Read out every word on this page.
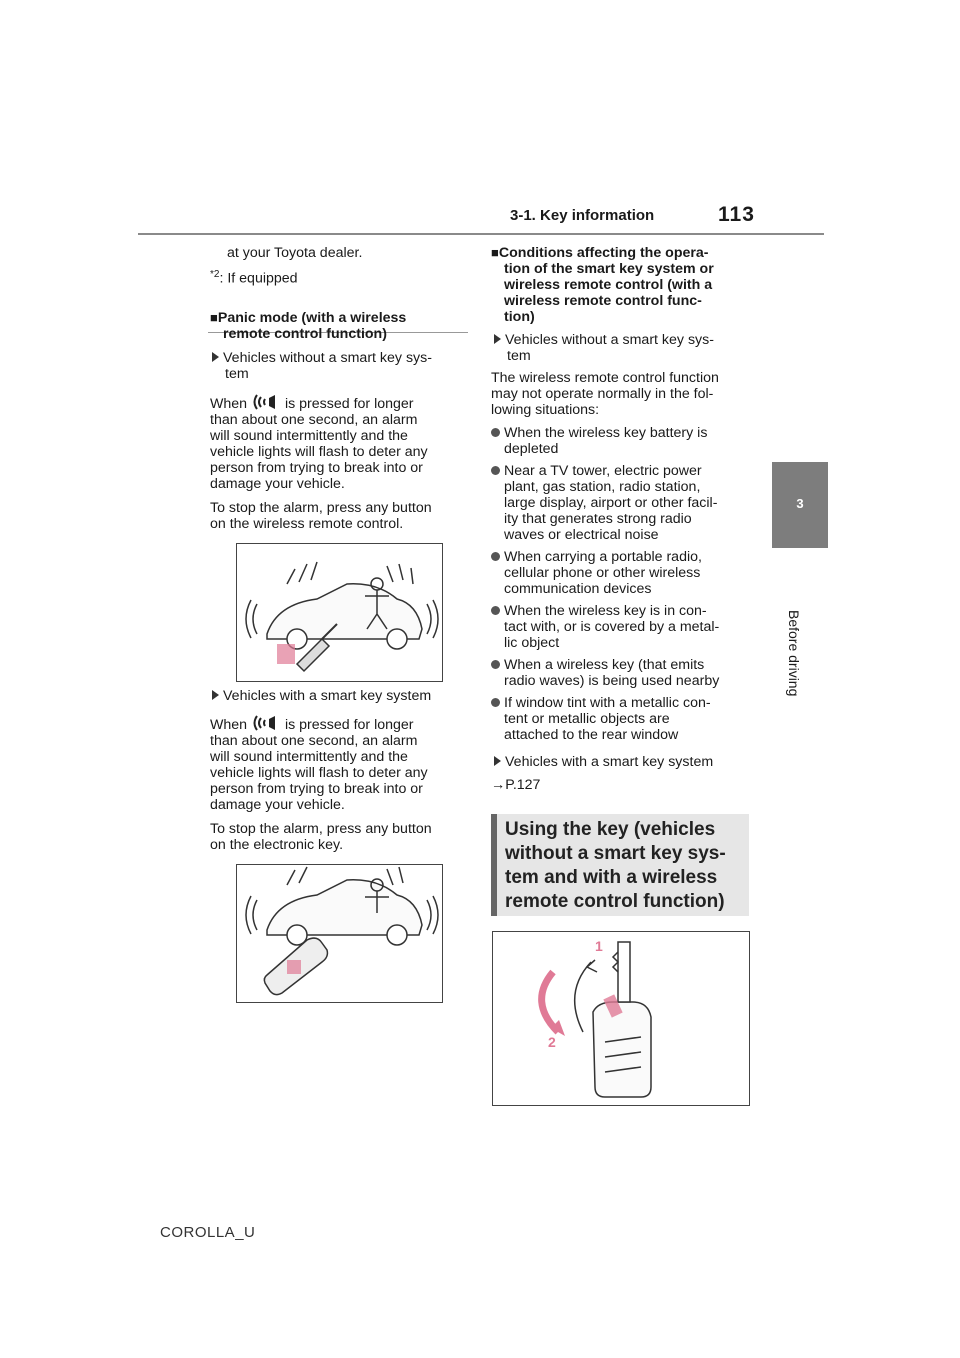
3-1. Key information	113
3
Before driving
at your Toyota dealer.
$^{*2}$: If equipped

■Panic mode (with a wireless

remote control function)

Vehicles without a smart key sys-

tem

When	is pressed for longer

than about one second, an alarm

will sound intermittently and the

vehicle lights will flash to deter any

person from trying to break into or

damage your vehicle.

To stop the alarm, press any button

on the wireless remote control.

Vehicles with a smart key system

When	is pressed for longer

than about one second, an alarm

will sound intermittently and the

vehicle lights will flash to deter any

person from trying to break into or

damage your vehicle.

To stop the alarm, press any button

on the electronic key.

■Conditions affecting the opera-

tion of the smart key system or

wireless remote control (with a

wireless remote control func-

tion)

Vehicles without a smart key sys-

tem

The wireless remote control function

may not operate normally in the fol-

lowing situations:

When the wireless key battery is

depleted

Near a TV tower, electric power

plant, gas station, radio station,

large display, airport or other facil-

ity that generates strong radio

waves or electrical noise

When carrying a portable radio,

cellular phone or other wireless

communication devices

When the wireless key is in con-

tact with, or is covered by a metal-

lic object

When a wireless key (that emits

radio waves) is being used nearby

If window tint with a metallic con-

tent or metallic objects are

attached to the rear window

Vehicles with a smart key system

→P.127
Using the key (vehicles
without a smart key sys-
tem and with a wireless
remote control function)
1
2
COROLLA_U
